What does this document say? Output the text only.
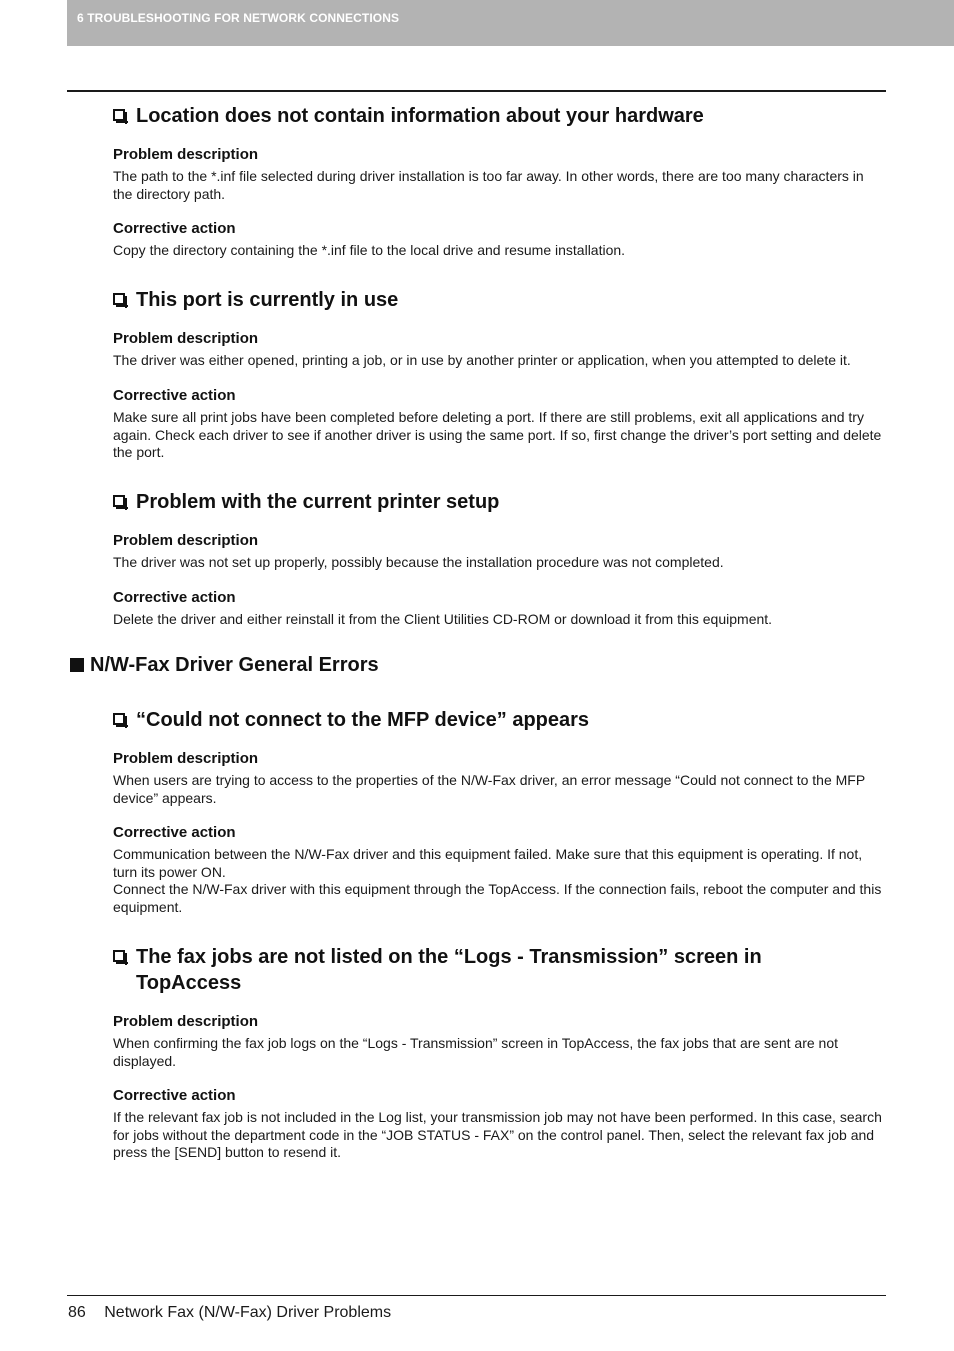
6 TROUBLESHOOTING FOR NETWORK CONNECTIONS
Location does not contain information about your hardware

Problem description

The path to the *.inf file selected during driver installation is too far away. In other words, there are too many characters in the directory path.

Corrective action

Copy the directory containing the *.inf file to the local drive and resume installation.

This port is currently in use

Problem description

The driver was either opened, printing a job, or in use by another printer or application, when you attempted to delete it.

Corrective action

Make sure all print jobs have been completed before deleting a port. If there are still problems, exit all applications and try again. Check each driver to see if another driver is using the same port. If so, first change the driver’s port setting and delete the port.

Problem with the current printer setup

Problem description

The driver was not set up properly, possibly because the installation procedure was not completed.

Corrective action

Delete the driver and either reinstall it from the Client Utilities CD-ROM or download it from this equipment.

“Could not connect to the MFP device” appears

Problem description

When users are trying to access to the properties of the N/W-Fax driver, an error message “Could not connect to the MFP device” appears.

Corrective action

Communication between the N/W-Fax driver and this equipment failed. Make sure that this equipment is operating. If not, turn its power ON.

Connect the N/W-Fax driver with this equipment through the TopAccess. If the connection fails, reboot the computer and this equipment.

The fax jobs are not listed on the “Logs - Transmission” screen in TopAccess

Problem description

When confirming the fax job logs on the “Logs - Transmission” screen in TopAccess, the fax jobs that are sent are not displayed.

Corrective action

If the relevant fax job is not included in the Log list, your transmission job may not have been performed. In this case, search for jobs without the department code in the “JOB STATUS - FAX” on the control panel. Then, select the relevant fax job and press the [SEND] button to resend it.

N/W-Fax Driver General Errors
86 Network Fax (N/W-Fax) Driver Problems
